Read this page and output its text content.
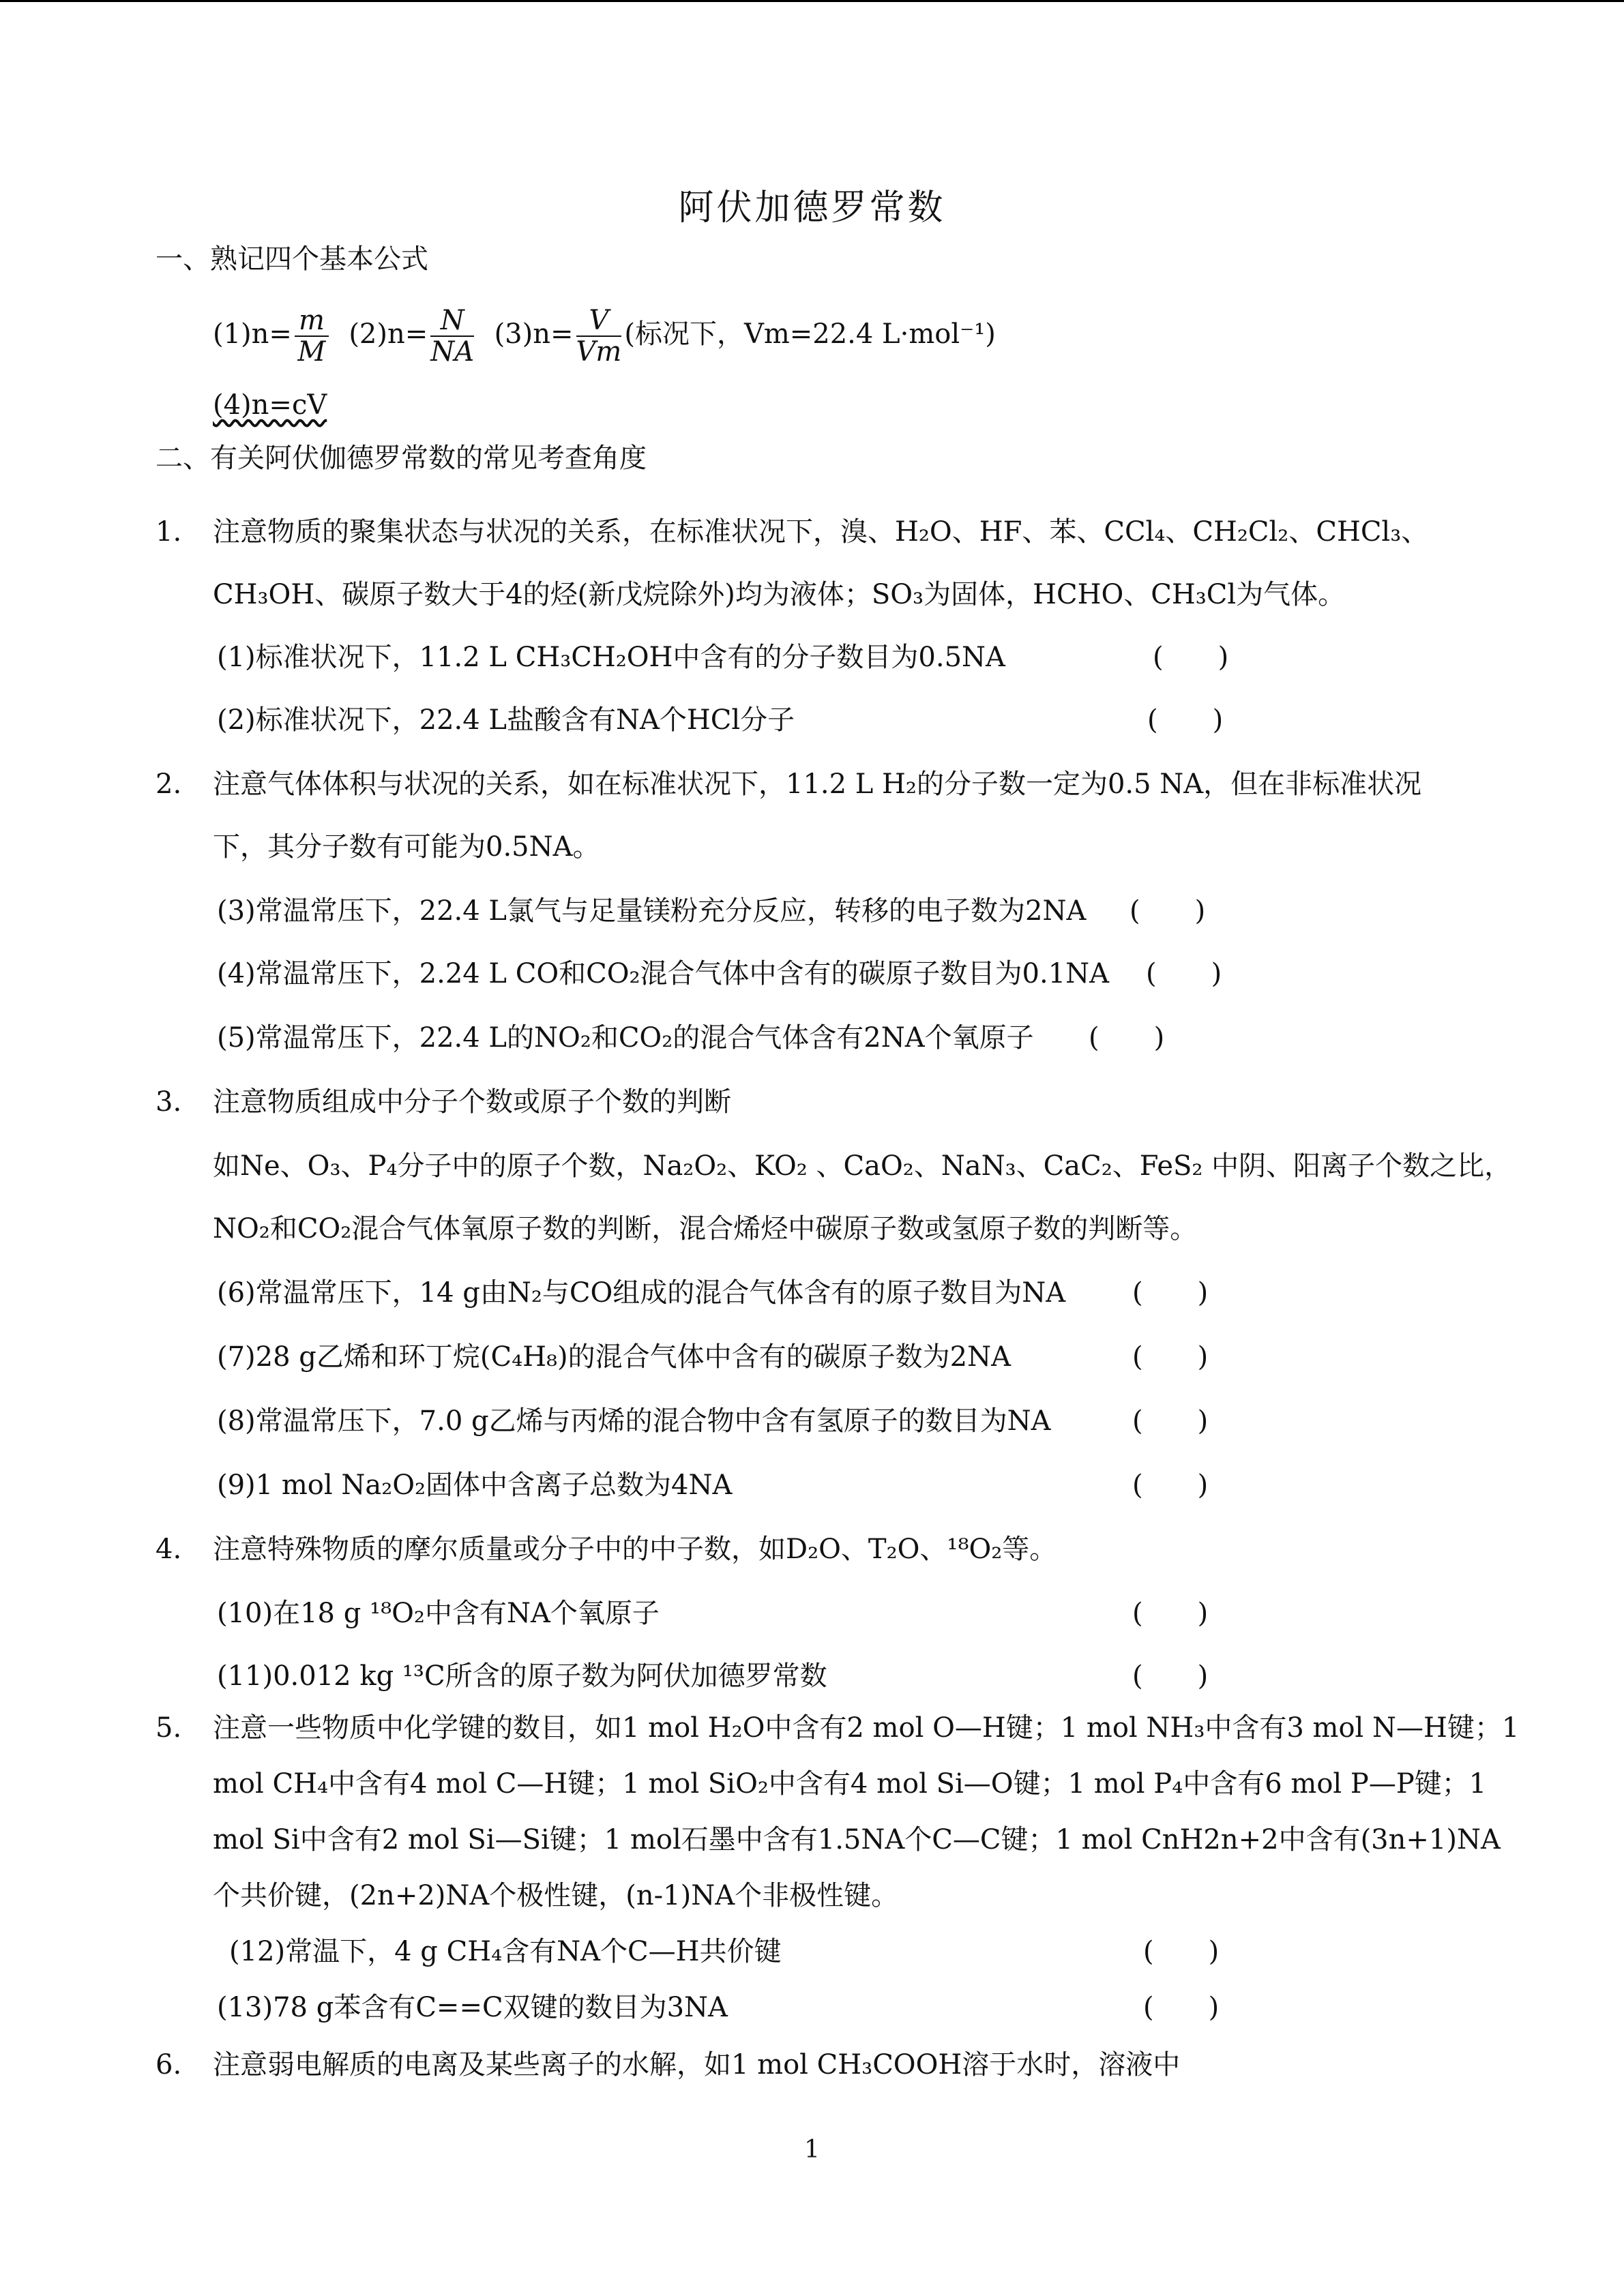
阿伏加德罗常数
一、熟记四个基本公式
$(1)n= \frac{m}{M} (2)n= \frac{N}{NA} (3)n= \frac{V}{Vm}$ (标况下，Vm=22.4 L·mol⁻¹)
(4)n=cV
二、有关阿伏伽德罗常数的常见考查角度
1. 注意物质的聚集状态与状况的关系，在标准状况下，溴、H₂O、HF、苯、CCl₄、CH₂Cl₂、CHCl₃、
CH₃OH、碳原子数大于4的烃(新戊烷除外)均为液体；SO₃为固体，HCHO、CH₃Cl为气体。
(1)标准状况下，11.2 L CH₃CH₂OH中含有的分子数目为0.5NA	(　　)
(2)标准状况下，22.4 L盐酸含有NA个HCl分子	(　　)
2. 注意气体体积与状况的关系，如在标准状况下，11.2 L H₂的分子数一定为0.5 NA，但在非标准状况
下，其分子数有可能为0.5NA。
(3)常温常压下，22.4 L氯气与足量镁粉充分反应，转移的电子数为2NA (　　)
(4)常温常压下，2.24 L CO和CO₂混合气体中含有的碳原子数目为0.1NA (　　)
(5)常温常压下，22.4 L的NO₂和CO₂的混合气体含有2NA个氧原子 (　　)
3. 注意物质组成中分子个数或原子个数的判断
如Ne、O₃、P₄分子中的原子个数，Na₂O₂、KO₂ 、CaO₂、NaN₃、CaC₂、FeS₂ 中阴、阳离子个数之比，
NO₂和CO₂混合气体氧原子数的判断，混合烯烃中碳原子数或氢原子数的判断等。
(6)常温常压下，14 g由N₂与CO组成的混合气体含有的原子数目为NA (　　)
(7)28 g乙烯和环丁烷(C₄H₈)的混合气体中含有的碳原子数为2NA	(　　)
(8)常温常压下，7.0 g乙烯与丙烯的混合物中含有氢原子的数目为NA	(　　)
(9)1 mol Na₂O₂固体中含离子总数为4NA	(　　)
4. 注意特殊物质的摩尔质量或分子中的中子数，如D₂O、T₂O、¹⁸O₂等。
(10)在18 g ¹⁸O₂中含有NA个氧原子	(　　)
(11)0.012 kg ¹³C所含的原子数为阿伏加德罗常数	(　　)
5. 注意一些物质中化学键的数目，如1 mol H₂O中含有2 mol O—H键；1 mol NH₃中含有3 mol N—H键；1
mol CH₄中含有4 mol C—H键；1 mol SiO₂中含有4 mol Si—O键；1 mol P₄中含有6 mol P—P键；1
mol Si中含有2 mol Si—Si键；1 mol石墨中含有1.5NA个C—C键；1 mol CnH2n+2中含有(3n+1)NA
个共价键，(2n+2)NA个极性键，(n-1)NA个非极性键。
(12)常温下，4 g CH₄含有NA个C—H共价键	(　　)
(13)78 g苯含有C==C双键的数目为3NA	(　　)
6. 注意弱电解质的电离及某些离子的水解，如1 mol CH₃COOH溶于水时，溶液中
1
